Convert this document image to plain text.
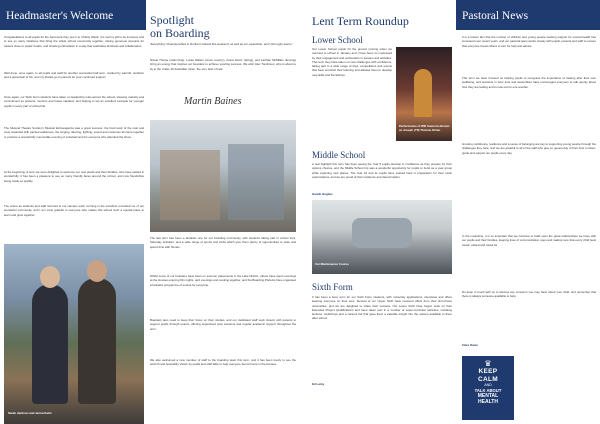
Headmaster's Welcome

Congratulations to all pupils for the hard work they put in to Charity Week; it is such a gift to be involved, and to see so many initiatives that bring the whole school community together, raising generous amounts for causes close to pupils' hearts, and showing enthusiasm in a way that celebrates kindness and collaboration.

Well done, once again, to all pupils and staff for another successful half term, marked by warmth, ambition and a great deal of fun, and my thanks go to parents for your continued support.

Once again, our Sixth Form students have taken on leadership roles across the school, showing maturity and commitment as prefects, mentors and house captains, and helping to set an excellent example for younger pupils in every part of school life.

The Musical Theatre Society's Musical Extravaganza was a great success, the hard work of the cast and crew rewarded with packed audiences; the singing, dancing, lighting, sound and costumes all came together to produce a wonderfully memorable evening of entertainment for everyone who attended the show.

At the beginning of term we were delighted to welcome our new pupils and their families, who have settled in wonderfully; it has been a pleasure to see so many friendly faces around the school, and new friendships being made so quickly.

The scene as students and staff returned to our campus each morning in the sunshine reminded me of our wonderful community, and I am most grateful to everyone who makes this school such a special place to learn and grow together.

Sarah Jackson and Jenna Kahn
Spotlight
on Boarding

"Everything: Championships in Northern Ireland this weekend, as well as our equestrian, and U13 rugby teams."

Nicola Thorpe (swimming), Lucas Walton (cross country), Amira Demir (skiing), and Lachlan McMillan (fencing) bring an energy that inspires our boarders to achieve sporting success. We wish Alex Tomlinson, who is about to fly to the Under-16 Australian Open, the very best of luck.

Martin Baines

The last term has been a fantastic one for our boarding community, with students taking part in school trips, Saturday activities, and a wide range of sports and clubs which give them plenty of opportunities to relax and spend time with friends.

Whilst some of our boarders have been on summer placements in the Lake District, others have spent evenings at the Houses enjoying film nights, quiz evenings and cooking together, and the Boarding Prefects have organised a fantastic programme of events for everyone.

Boarders also need to keep their focus on their studies, and our dedicated staff work closely with parents to support pupils through exams, offering supervised prep sessions and regular academic support throughout the term.

We also welcomed a new member of staff to the boarding team this term, and it has been lovely to see the warmth and hospitality shown by pupils and staff alike to help everyone feel at home in the Houses.

Lent Term Roundup
Lower School

Our Lower School pupils hit the ground running when we returned to school in January and I have been so impressed by their engagement and enthusiasm in lessons and activities. This term they have taken on new challenges with confidence, taking part in a wide range of trips, competitions and events that have enriched their learning and allowed them to develop new skills and friendships.

Performance of Will Cameron-Brown as Joseph (Y8) Thomas Kiiran
Middle School

A real highlight this term has been seeing the Year 9 pupils develop in confidence as they prepare for their options choices, and the Middle School trip was a wonderful opportunity for pupils to bond as a year group while exploring new places. The Year 10 and 11 pupils have worked hard in preparation for their mock examinations, and we are proud of their resilience and determination.

Gareth Hughes
Car Maintenance Course
Sixth Form

It has been a busy term for our Sixth Form students, with university applications, interviews and offers keeping everyone on their toes. Several of our Upper Sixth have received offers from their first-choice universities, and we are delighted to share their success. Our Lower Sixth have begun work on their Extended Project Qualifications and have taken part in a number of super-curricular activities, including lectures, workshops and a careers fair that gave them a valuable insight into the options available to them after school.

Ed Lamy
Pastoral News

It is a known fact that the number of children and young people seeking support for mental health has increased over recent years, and our pastoral team works closely with pupils, parents and staff to ensure that everyone knows where to turn for help and advice.

This term we have focused on helping pupils to recognise the importance of looking after their own wellbeing, and sessions in tutor time and assemblies have encouraged everyone to talk openly about how they are feeling and to look out for one another.

Growing confidence, resilience and a sense of belonging are key to supporting young people through the challenges they face, and we are grateful to all of the staff who give so generously of their time to listen, guide and support our pupils every day.

In the meantime, it is so important that we continue to build upon the great relationships we have with our pupils and their families, keeping lines of communication open and making sure that every child feels heard, valued and cared for.

Do keep in touch with us to discuss any concerns you may have about your child, and remember that there is always someone available to help.

Clare Owen
♛
KEEP
CALM
AND
TALK ABOUT
MENTAL
HEALTH
